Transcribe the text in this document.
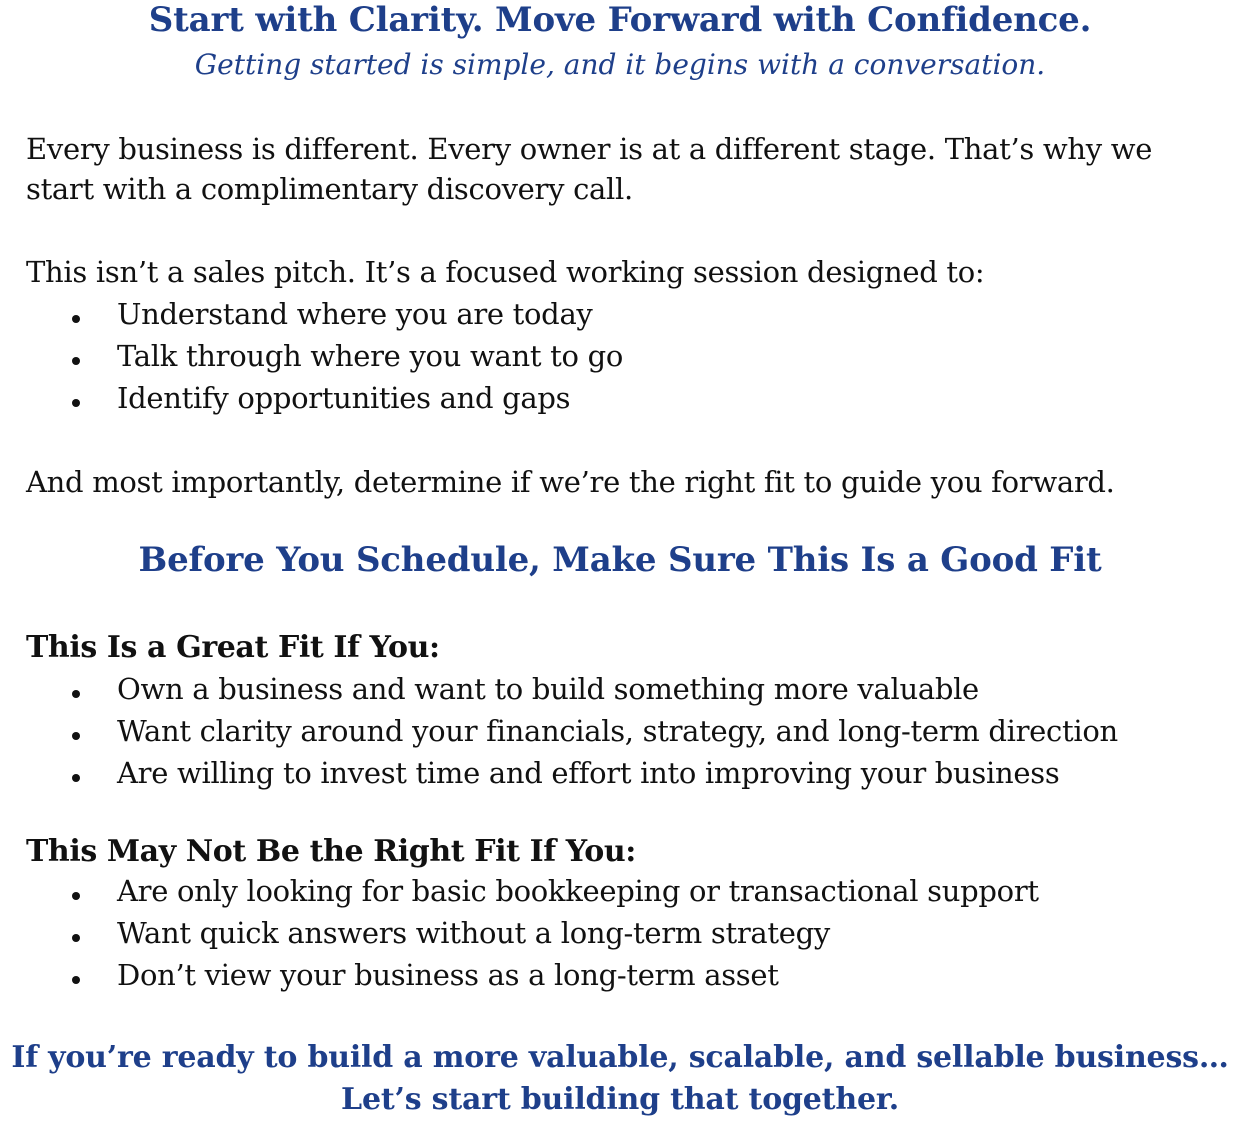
Start with Clarity. Move Forward with Confidence.

Getting started is simple, and it begins with a conversation.

Every business is different. Every owner is at a different stage. That’s why we

start with a complimentary discovery call.

This isn’t a sales pitch. It’s a focused working session designed to:

Understand where you are today
Talk through where you want to go
Identify opportunities and gaps

And most importantly, determine if we’re the right fit to guide you forward.

Before You Schedule, Make Sure This Is a Good Fit
This Is a Great Fit If You:
Own a business and want to build something more valuable
Want clarity around your financials, strategy, and long-term direction
Are willing to invest time and effort into improving your business
This May Not Be the Right Fit If You:
Are only looking for basic bookkeeping or transactional support
Want quick answers without a long-term strategy
Don’t view your business as a long-term asset

If you’re ready to build a more valuable, scalable, and sellable business…

Let’s start building that together.
